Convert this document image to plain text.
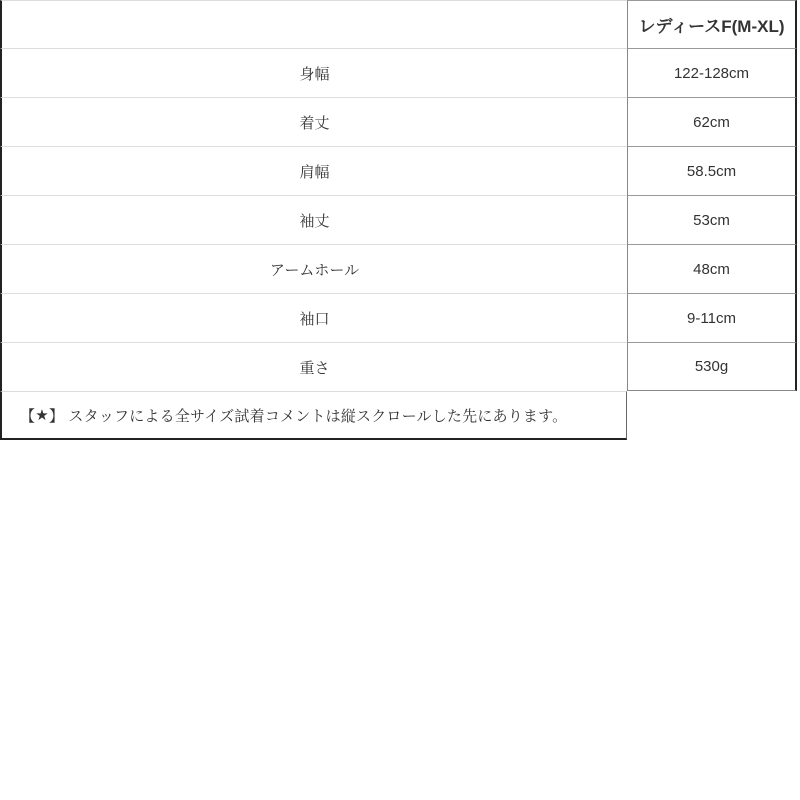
レディースF(M-XL)
身幅	122-128cm
着丈	62cm
肩幅	58.5cm
袖丈	53cm
アームホール	48cm
袖口	9-11cm
重さ	530g
【 ★ 】 スタッフによる全サイズ試着コメントは縦スクロールした先にあります。
